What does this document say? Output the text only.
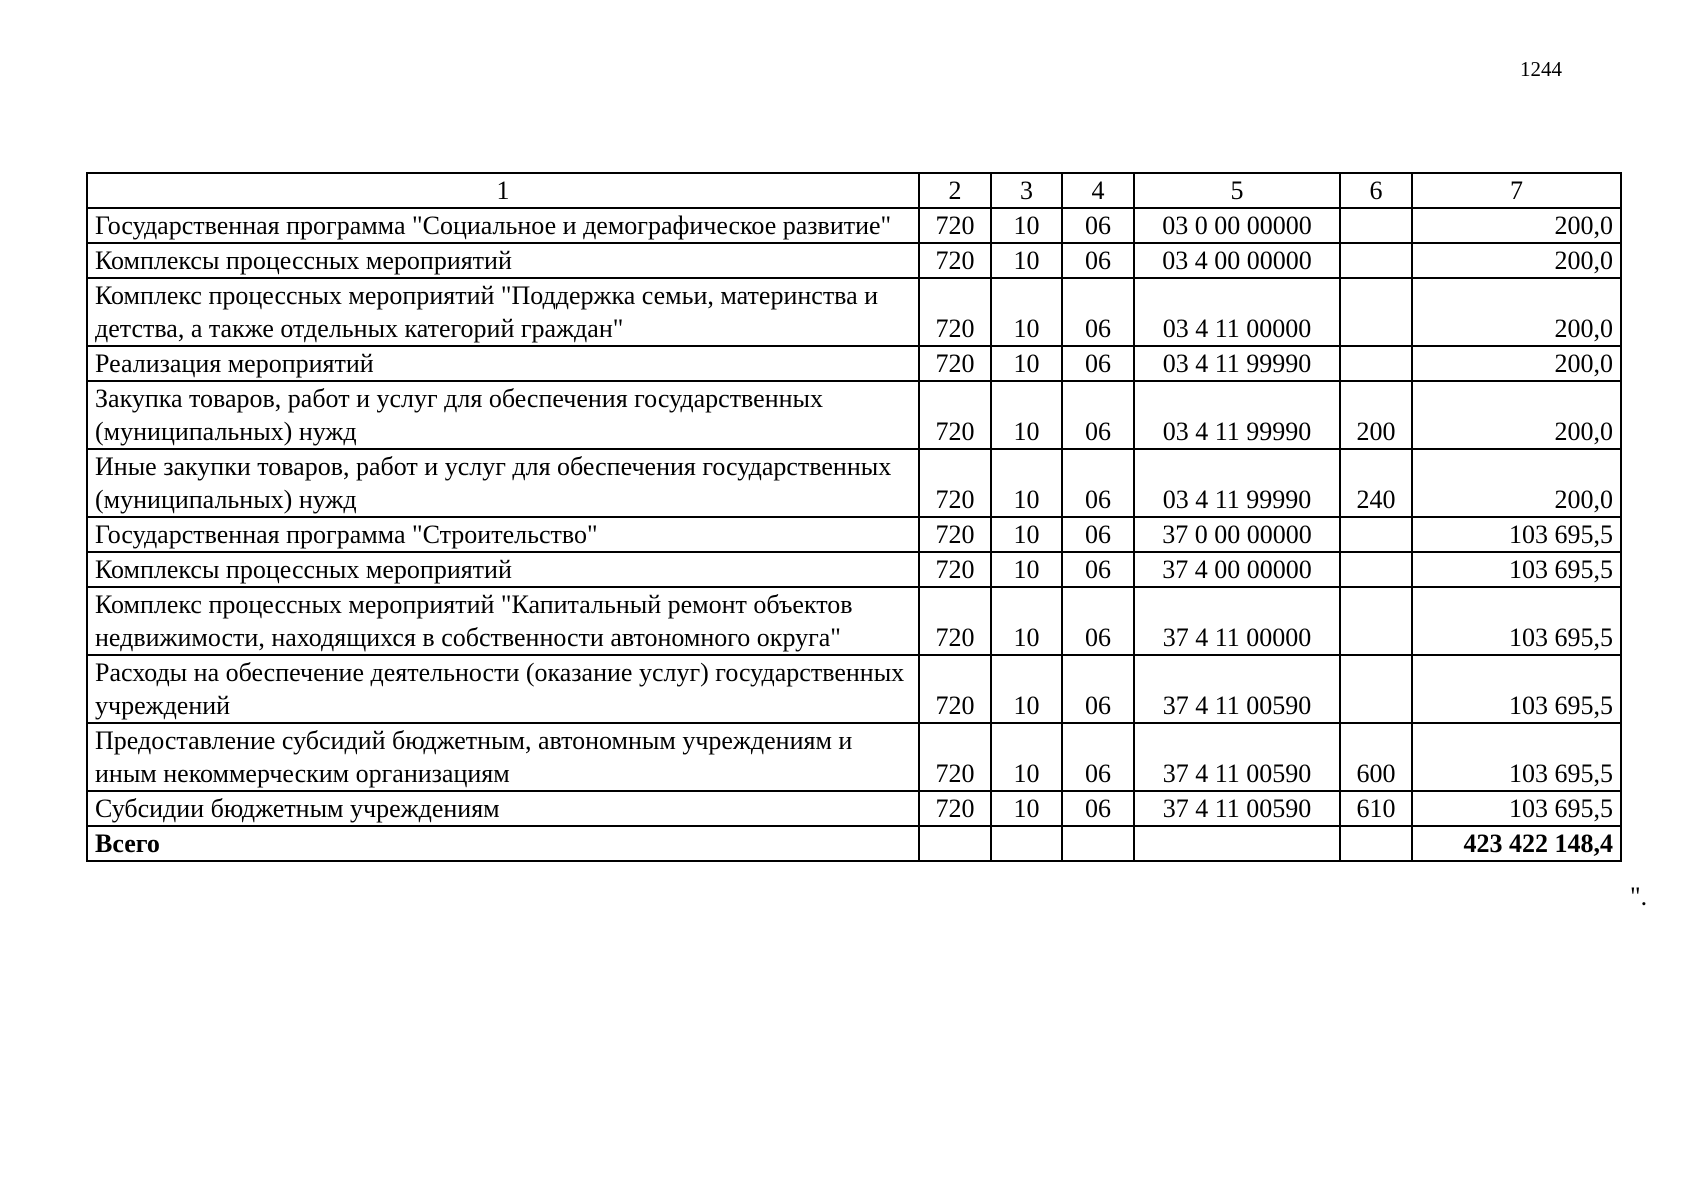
1244
1	2	3	4	5	6	7
Государственная программа "Социальное и демографическое развитие"	720	10	06	03 0 00 00000		200,0
Комплексы процессных мероприятий	720	10	06	03 4 00 00000		200,0
Комплекс процессных мероприятий "Поддержка семьи, материнства и детства, а также отдельных категорий граждан"	720	10	06	03 4 11 00000		200,0
Реализация мероприятий	720	10	06	03 4 11 99990		200,0
Закупка товаров, работ и услуг для обеспечения государственных (муниципальных) нужд	720	10	06	03 4 11 99990	200	200,0
Иные закупки товаров, работ и услуг для обеспечения государственных (муниципальных) нужд	720	10	06	03 4 11 99990	240	200,0
Государственная программа "Строительство"	720	10	06	37 0 00 00000		103 695,5
Комплексы процессных мероприятий	720	10	06	37 4 00 00000		103 695,5
Комплекс процессных мероприятий "Капитальный ремонт объектов недвижимости, находящихся в собственности автономного округа"	720	10	06	37 4 11 00000		103 695,5
Расходы на обеспечение деятельности (оказание услуг) государственных учреждений	720	10	06	37 4 11 00590		103 695,5
Предоставление субсидий бюджетным, автономным учреждениям и иным некоммерческим организациям	720	10	06	37 4 11 00590	600	103 695,5
Субсидии бюджетным учреждениям	720	10	06	37 4 11 00590	610	103 695,5
Всего						423 422 148,4
".
